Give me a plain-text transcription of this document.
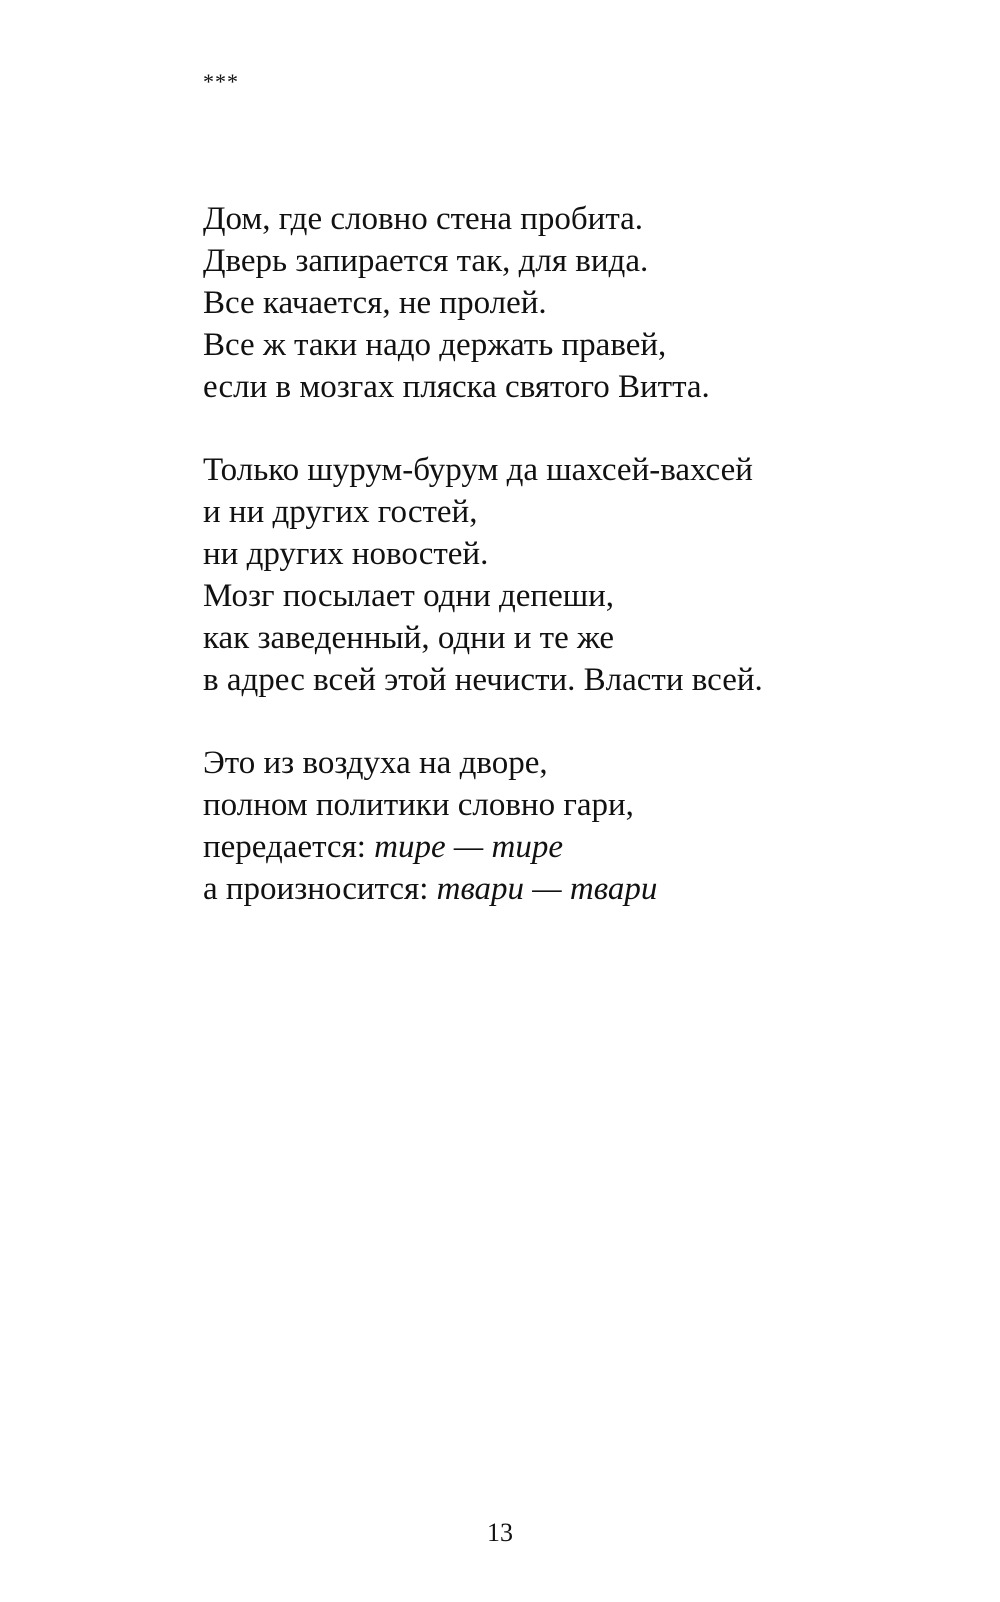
***
Дом, где словно стена пробита.
Дверь запирается так, для вида.
Все качается, не пролей.
Все ж таки надо держать правей,
если в мозгах пляска святого Витта.
Только шурум-бурум да шахсей-вахсей
и ни других гостей,
ни других новостей.
Мозг посылает одни депеши,
как заведенный, одни и те же
в адрес всей этой нечисти. Власти всей.
Это из воздуха на дворе,
полном политики словно гари,
передается: тире — тире
а произносится: твари — твари
13
